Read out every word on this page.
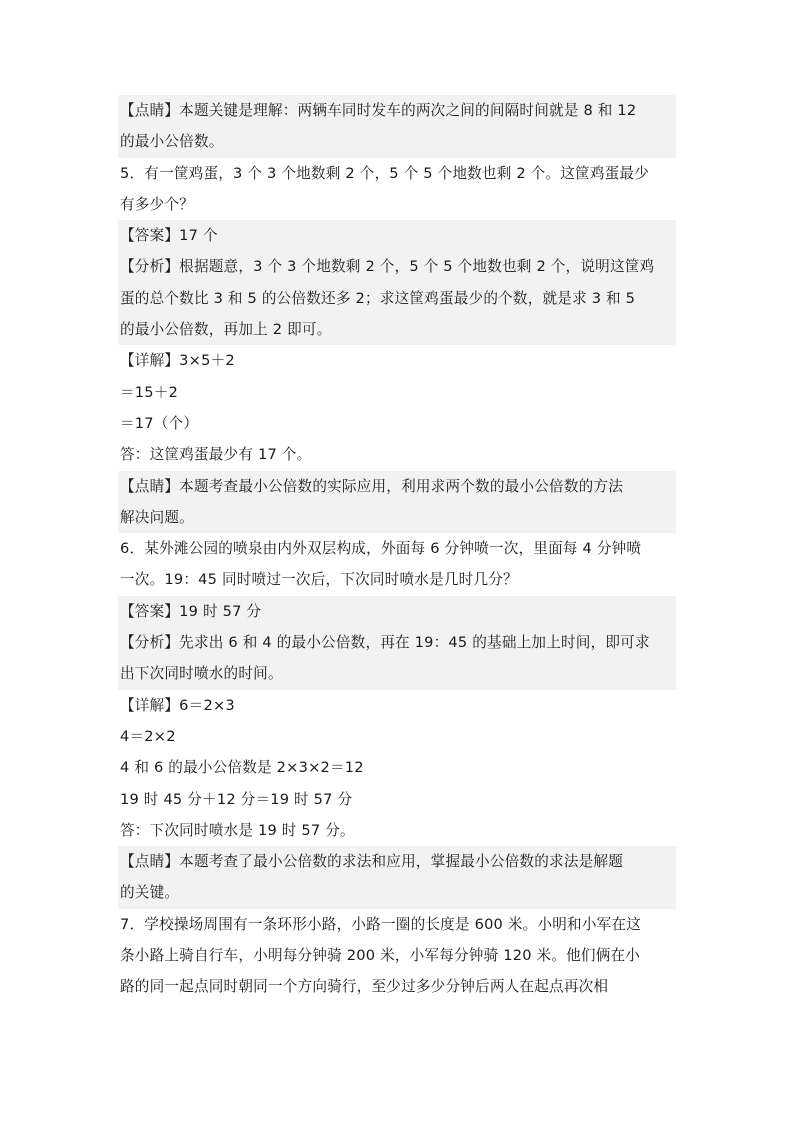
【点睛】本题关键是理解：两辆车同时发车的两次之间的间隔时间就是 8 和 12
的最小公倍数。
5．有一筐鸡蛋，3 个 3 个地数剩 2 个，5 个 5 个地数也剩 2 个。这筐鸡蛋最少
有多少个？
【答案】17 个
【分析】根据题意，3 个 3 个地数剩 2 个，5 个 5 个地数也剩 2 个，说明这筐鸡
蛋的总个数比 3 和 5 的公倍数还多 2；求这筐鸡蛋最少的个数，就是求 3 和 5
的最小公倍数，再加上 2 即可。
【详解】3×5＋2
＝15＋2
＝17（个）
答：这筐鸡蛋最少有 17 个。
【点睛】本题考查最小公倍数的实际应用，利用求两个数的最小公倍数的方法
解决问题。
6．某外滩公园的喷泉由内外双层构成，外面每 6 分钟喷一次，里面每 4 分钟喷
一次。19：45 同时喷过一次后，下次同时喷水是几时几分？
【答案】19 时 57 分
【分析】先求出 6 和 4 的最小公倍数，再在 19：45 的基础上加上时间，即可求
出下次同时喷水的时间。
【详解】6＝2×3
4＝2×2
4 和 6 的最小公倍数是 2×3×2＝12
19 时 45 分＋12 分＝19 时 57 分
答：下次同时喷水是 19 时 57 分。
【点睛】本题考查了最小公倍数的求法和应用，掌握最小公倍数的求法是解题
的关键。
7．学校操场周围有一条环形小路，小路一圈的长度是 600 米。小明和小军在这
条小路上骑自行车，小明每分钟骑 200 米，小军每分钟骑 120 米。他们俩在小
路的同一起点同时朝同一个方向骑行，至少过多少分钟后两人在起点再次相
